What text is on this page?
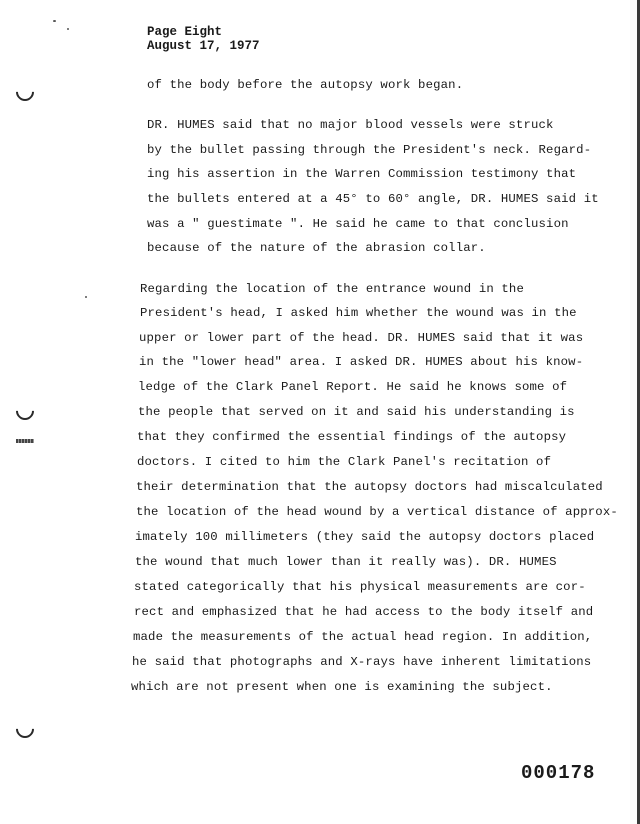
Page Eight
August 17, 1977
of the body before the autopsy work began.
DR. HUMES said that no major blood vessels were struck
by the bullet passing through the President's neck. Regard-
ing his assertion in the Warren Commission testimony that
the bullets entered at a 45° to 60° angle, DR. HUMES said it
was a " guestimate ". He said he came to that conclusion
because of the nature of the abrasion collar.
Regarding the location of the entrance wound in the
President's head, I asked him whether the wound was in the
upper or lower part of the head. DR. HUMES said that it was
in the "lower head" area. I asked DR. HUMES about his know-
ledge of the Clark Panel Report. He said he knows some of
the people that served on it and said his understanding is
that they confirmed the essential findings of the autopsy
doctors. I cited to him the Clark Panel's recitation of
their determination that the autopsy doctors had miscalculated
the location of the head wound by a vertical distance of approx-
imately 100 millimeters (they said the autopsy doctors placed
the wound that much lower than it really was). DR. HUMES
stated categorically that his physical measurements are cor-
rect and emphasized that he had access to the body itself and
made the measurements of the actual head region. In addition,
he said that photographs and X-rays have inherent limitations
which are not present when one is examining the subject.
000178
